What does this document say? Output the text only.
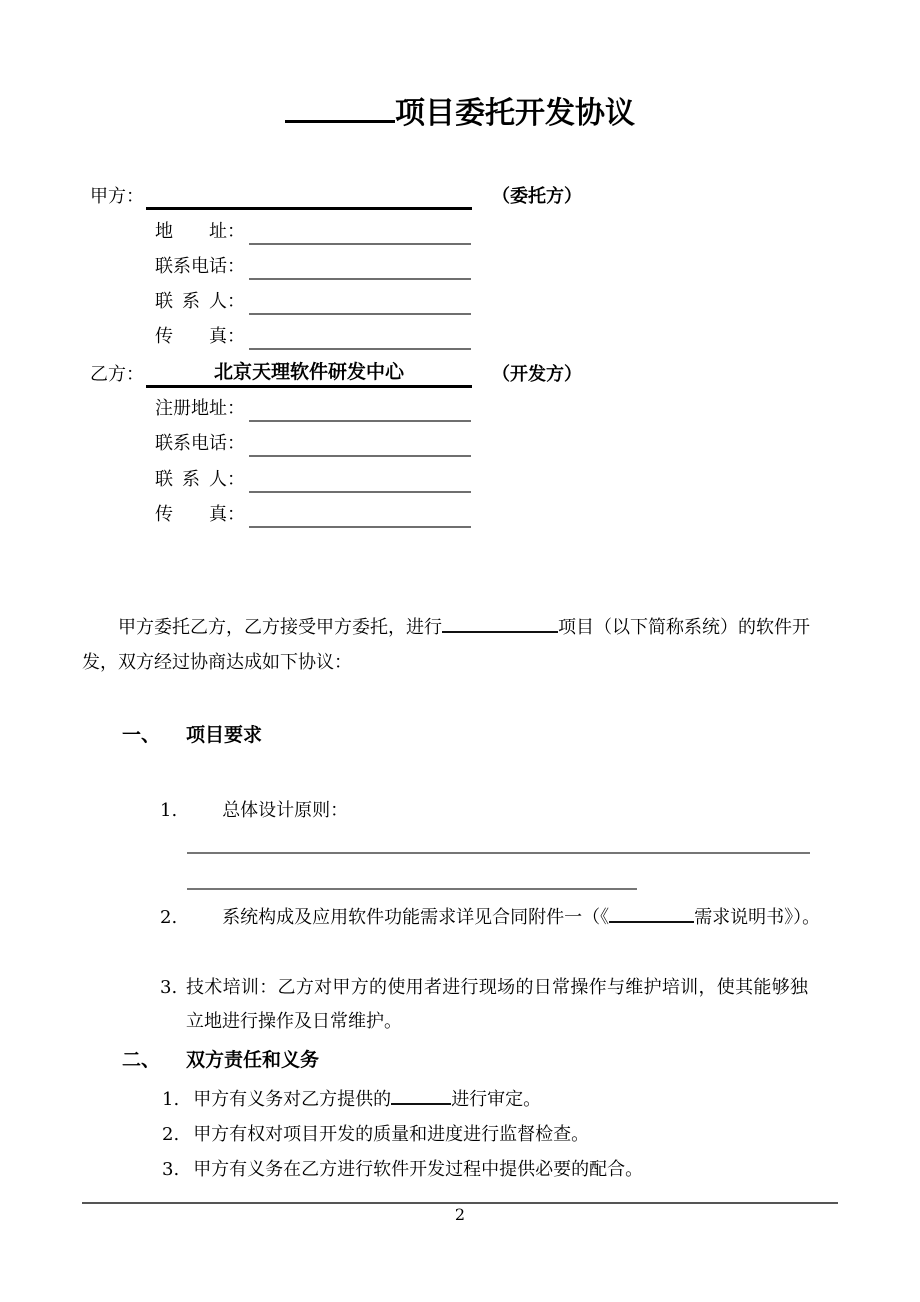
项目委托开发协议
甲方：	（委托方）
地址：
联系电话：
联系人：
传真：
乙方：	北京天理软件研发中心	（开发方）
注册地址：
联系电话：
联系人：
传真：
甲方委托乙方，乙方接受甲方委托，进行	项目（以下简称系统）的软件开发，双方经过协商达成如下协议：
一、 项目要求
1.	总体设计原则：
2.	系统构成及应用软件功能需求详见合同附件一（《	需求说明书》）。
3. 技术培训：乙方对甲方的使用者进行现场的日常操作与维护培训，使其能够独立地进行操作及日常维护。
二、 双方责任和义务
1. 甲方有义务对乙方提供的	进行审定。
2. 甲方有权对项目开发的质量和进度进行监督检查。
3. 甲方有义务在乙方进行软件开发过程中提供必要的配合。
2
